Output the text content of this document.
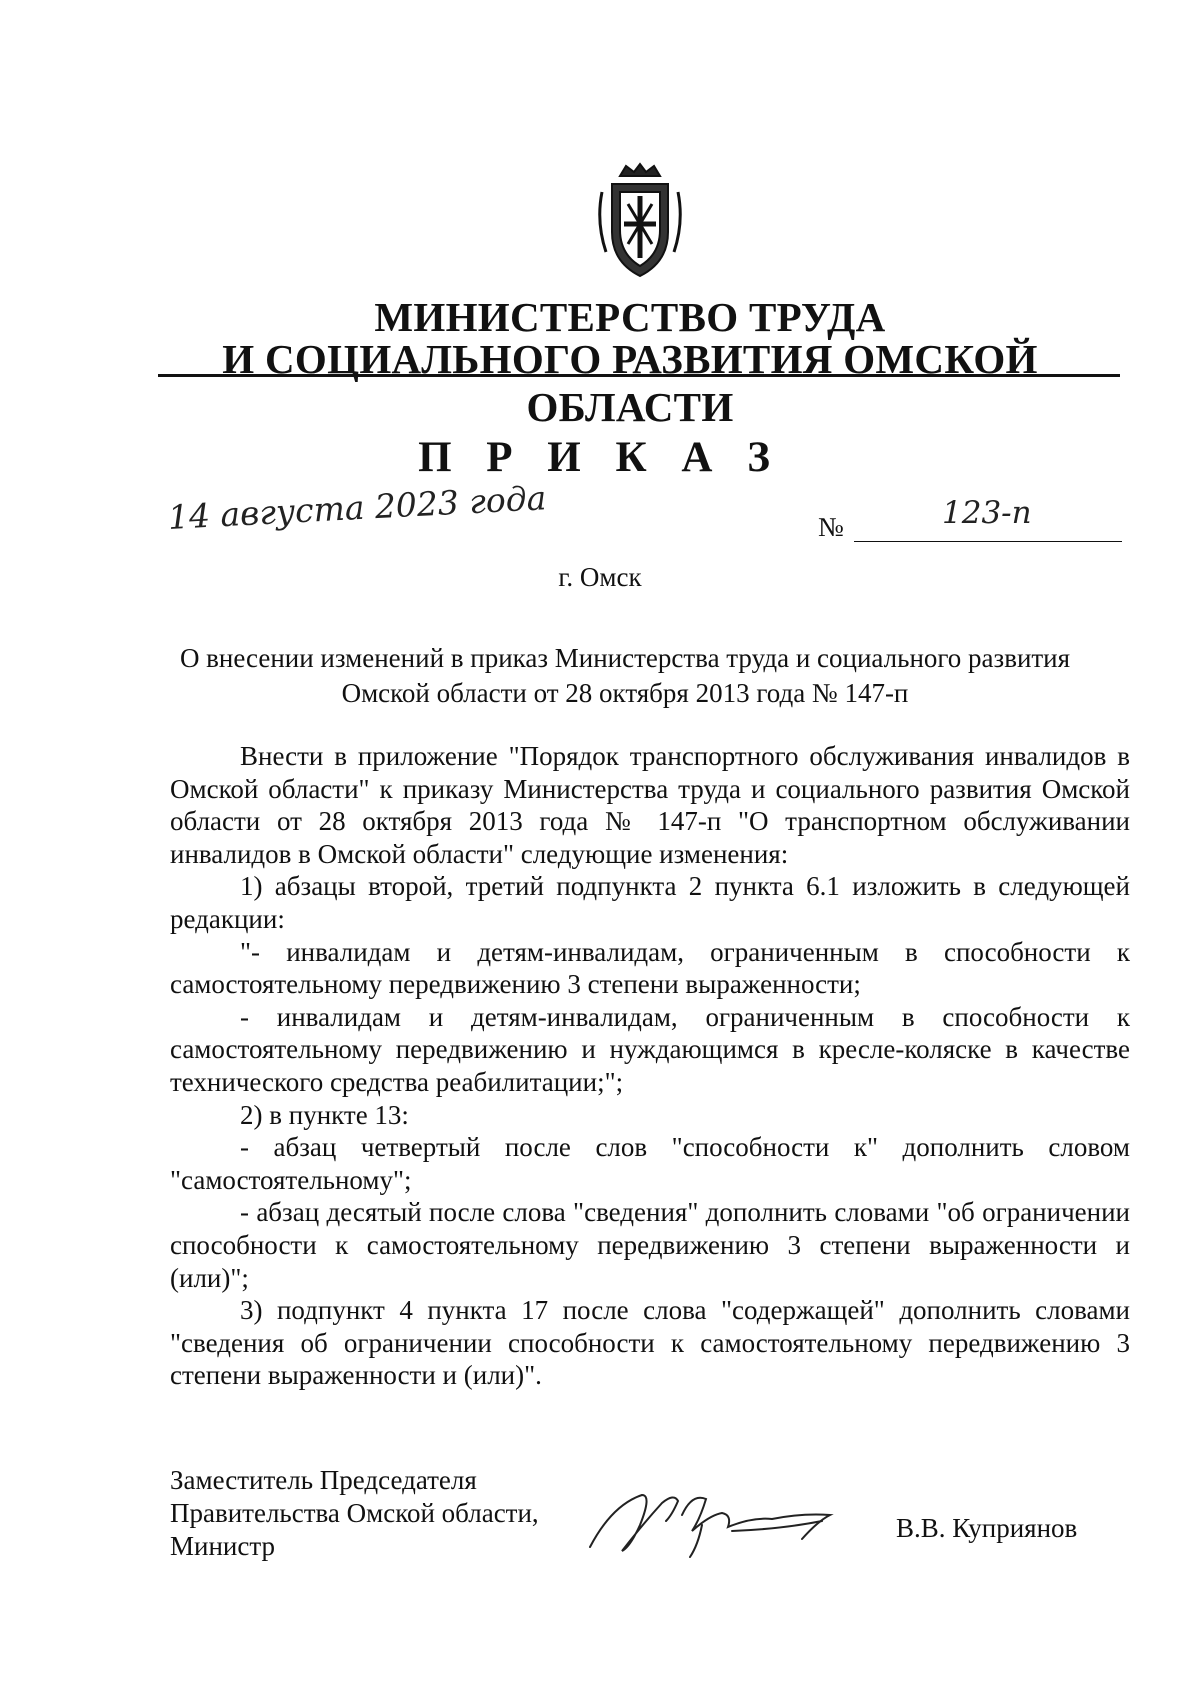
МИНИСТЕРСТВО ТРУДА
И СОЦИАЛЬНОГО РАЗВИТИЯ ОМСКОЙ ОБЛАСТИ
П Р И К А З
14 августа 2023 года	№	123-п
г. Омск
О внесении изменений в приказ Министерства труда и социального развития
Омской области от 28 октября 2013 года № 147-п

Внести в приложение "Порядок транспортного обслуживания инвалидов в Омской области" к приказу Министерства труда и социального развития Омской области от 28 октября 2013 года № 147-п "О транспортном обслуживании инвалидов в Омской области" следующие изменения:

1) абзацы второй, третий подпункта 2 пункта 6.1 изложить в следующей редакции:

"- инвалидам и детям-инвалидам, ограниченным в способности к самостоятельному передвижению 3 степени выраженности;

- инвалидам и детям-инвалидам, ограниченным в способности к самостоятельному передвижению и нуждающимся в кресле-коляске в качестве технического средства реабилитации;";

2) в пункте 13:

- абзац четвертый после слов "способности к" дополнить словом "самостоятельному";

- абзац десятый после слова "сведения" дополнить словами "об ограничении способности к самостоятельному передвижению 3 степени выраженности и (или)";

3) подпункт 4 пункта 17 после слова "содержащей" дополнить словами "сведения об ограничении способности к самостоятельному передвижению 3 степени выраженности и (или)".

Заместитель Председателя
Правительства Омской области,
Министр
В.В. Куприянов
